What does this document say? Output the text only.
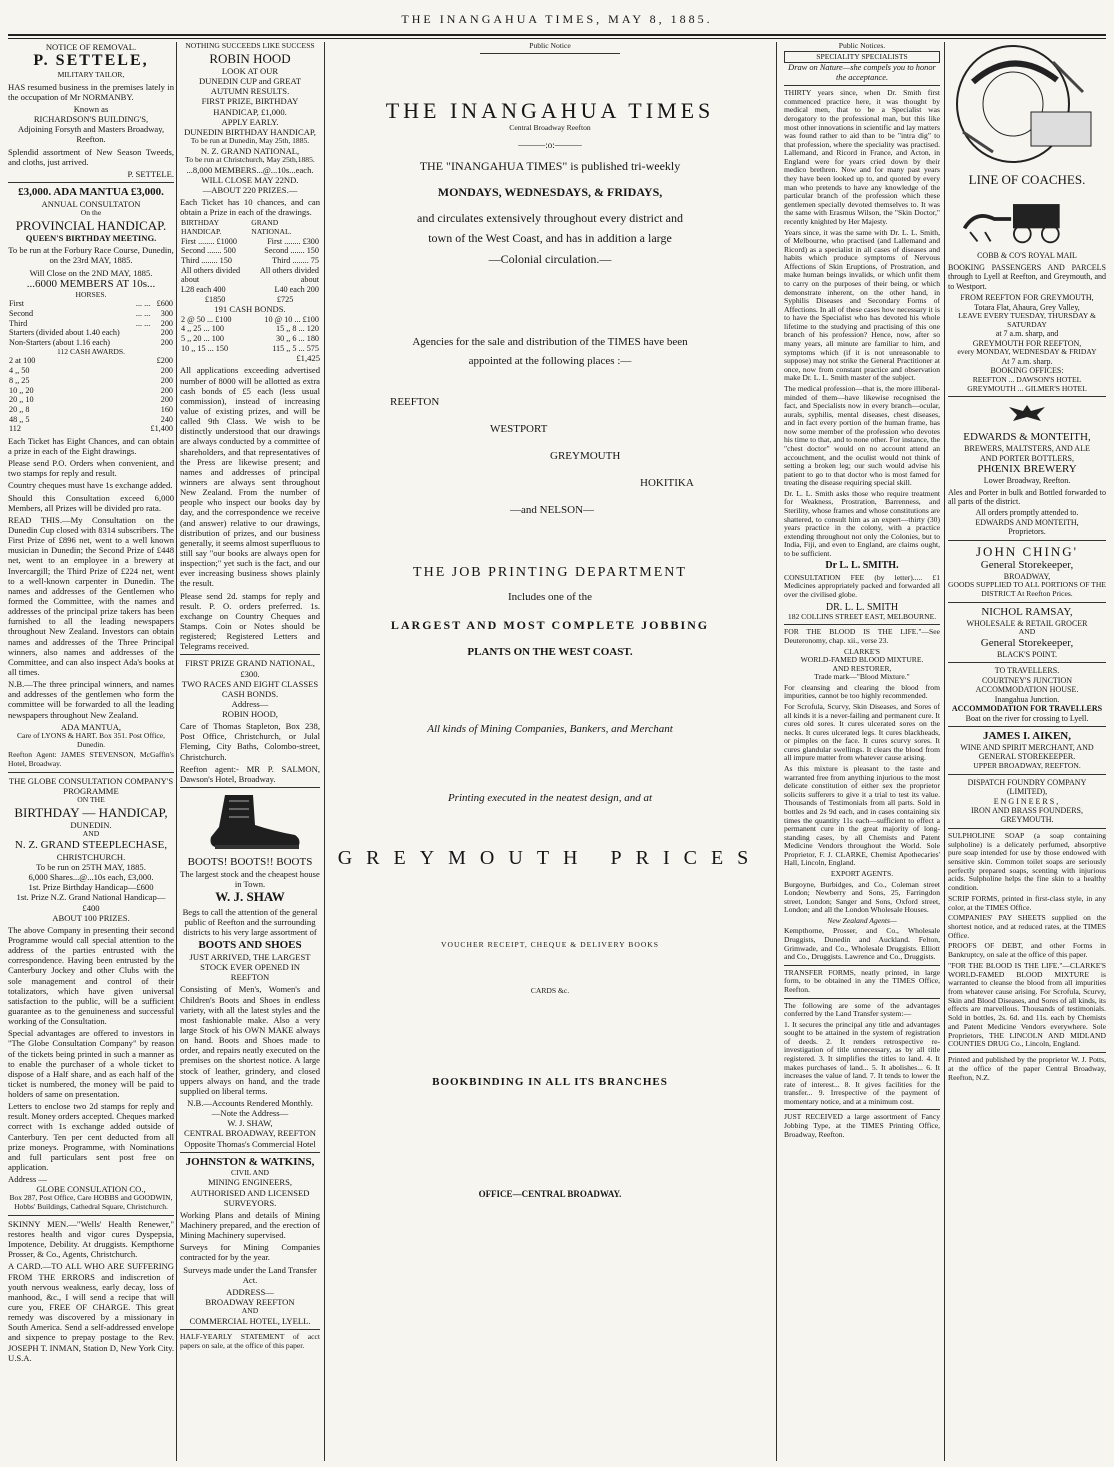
THE INANGAHUA TIMES, MAY 8, 1885.
NOTICE OF REMOVAL.
P. SETTELE,
MILITARY TAILOR,

HAS resumed business in the premises lately in the occupation of Mr NORMANBY.

Known as
RICHARDSON'S BUILDING'S,
Adjoining Forsyth and Masters Broadway, Reefton.

Splendid assortment of New Season Tweeds, and cloths, just arrived.

P. SETTELE.
£3,000. ADA MANTUA £3,000.
ANNUAL CONSULTATON
On the
PROVINCIAL HANDICAP.
QUEEN'S BIRTHDAY MEETING.

To be run at the Forbury Race Course, Dunedin, on the 23rd MAY, 1885.

Will Close on the 2ND MAY, 1885.
...6000 MEMBERS AT 10s...
HORSES.
First	... ...	£600
Second	... ...	300
Third	... ...	200
Starters (divided about 1.40 each)		200
Non-Starters (about 1.16 each)		200
112 CASH AWARDS.
2 at 100	£200
4 ,, 50	200
8 ,, 25	200
10 ,, 20	200
20 ,, 10	200
20 ,, 8	160
48 ,, 5	240
112	£1,400

Each Ticket has Eight Chances, and can obtain a prize in each of the Eight drawings.

Please send P.O. Orders when convenient, and two stamps for reply and result.

Country cheques must have 1s exchange added.

Should this Consultation exceed 6,000 Members, all Prizes will be divided pro rata.

READ THIS.—My Consultation on the Dunedin Cup closed with 8314 subscribers. The First Prize of £896 net, went to a well known musician in Dunedin; the Second Prize of £448 net, went to an employee in a brewery at Invercargill; the Third Prize of £224 net, went to a well-known carpenter in Dunedin. The names and addresses of the Gentlemen who formed the Committee, with the names and addresses of the principal prize takers has been furnished to all the leading newspapers throughout New Zealand. Investors can obtain names and addresses of the Three Principal winners, also names and addresses of the Committee, and can also inspect Ada's books at all times.

N.B.—The three principal winners, and names and addresses of the gentlemen who form the committee will be forwarded to all the leading newspapers throughout New Zealand.

ADA MANTUA,
Care of LYONS & HART. Box 351. Post Office, Dunedin.

Reefton Agent: JAMES STEVENSON, McGaffin's Hotel, Broadway.

THE GLOBE CONSULTATION COMPANY'S PROGRAMME
ON THE
BIRTHDAY — HANDICAP,
DUNEDIN.
AND
N. Z. GRAND STEEPLECHASE,
CHRISTCHURCH.
To be run on 25TH MAY, 1885.
6,000 Shares...@...10s each, £3,000.
1st. Prize Birthday Handicap—£600
1st. Prize N.Z. Grand National Handicap—£400
ABOUT 100 PRIZES.

The above Company in presenting their second Programme would call special attention to the address of the parties entrusted with the correspondence. Having been entrusted by the Canterbury Jockey and other Clubs with the sole management and control of their totalizators, which have given universal satisfaction to the public, will be a sufficient guarantee as to the genuineness and successful working of the Consultation.

Special advantages are offered to investors in "The Globe Consultation Company" by reason of the tickets being printed in such a manner as to enable the purchaser of a whole ticket to dispose of a Half share, and as each half of the ticket is numbered, the money will be paid to holders of same on presentation.

Letters to enclose two 2d stamps for reply and result. Money orders accepted. Cheques marked correct with 1s exchange added outside of Canterbury. Ten per cent deducted from all prize moneys. Programme, with Nominations and full particulars sent post free on application.

Address —
GLOBE CONSULATION CO.,
Box 287, Post Office, Care HOBBS and GOODWIN, Hobbs' Buildings, Cathedral Square, Christchurch.

SKINNY MEN.—"Wells' Health Renewer," restores health and vigor cures Dyspepsia, Impotence, Debility. At druggists. Kempthorne Prosser, & Co., Agents, Christchurch.

A CARD.—TO ALL WHO ARE SUFFERING FROM THE ERRORS and indiscretion of youth nervous weakness, early decay, loss of manhood, &c., I will send a recipe that will cure you, FREE OF CHARGE. This great remedy was discovered by a missionary in South America. Send a self-addressed envelope and sixpence to prepay postage to the Rev. JOSEPH T. INMAN, Station D, New York City. U.S.A.

NOTHING SUCCEEDS LIKE SUCCESS
ROBIN HOOD
LOOK AT OUR
DUNEDIN CUP and GREAT AUTUMN RESULTS.
FIRST PRIZE, BIRTHDAY HANDICAP, £1,000.
APPLY EARLY.
DUNEDIN BIRTHDAY HANDICAP,
To be run at Dunedin, May 25th, 1885.
N. Z. GRAND NATIONAL,
To be run at Christchurch, May 25th,1885.
...8,000 MEMBERS...@...10s...each.
WILL CLOSE MAY 22ND.
—ABOUT 220 PRIZES.—

Each Ticket has 10 chances, and can obtain a Prize in each of the drawings.

BIRTHDAY HANDICAP.	GRAND NATIONAL.
First ........ £1000	First ........ £300
Second ....... 500	Second ....... 150
Third ........ 150	Third ........ 75
All others divided about	All others divided about
L28 each 400	L40 each 200
£1850	£725
191 CASH BONDS.
2 @ 50 ... £100	10 @ 10 ... £100
4 ,, 25 ... 100	15 ,, 8 ... 120
5 ,, 20 ... 100	30 ,, 6 ... 180
10 ,, 15 ... 150	115 ,, 5 ... 575
£1,425

All applications exceeding advertised number of 8000 will be allotted as extra cash bonds of £5 each (less usual commission), instead of increasing value of existing prizes, and will be called 9th Class. We wish to be distinctly understood that our drawings are always conducted by a committee of shareholders, and that representatives of the Press are likewise present; and names and addresses of principal winners are always sent throughout New Zealand. From the number of people who inspect our books day by day, and the correspondence we receive (and answer) relative to our drawings, distribution of prizes, and our business generally, it seems almost superfluous to still say "our books are always open for inspection;" yet such is the fact, and our ever increasing business shows plainly the result.

Please send 2d. stamps for reply and result. P. O. orders preferred. 1s. exchange on Country Cheques and Stamps. Coin or Notes should be registered; Registered Letters and Telegrams received.

FIRST PRIZE GRAND NATIONAL, £300.
TWO RACES AND EIGHT CLASSES CASH BONDS.
Address—
ROBIN HOOD,

Care of Thomas Stapleton, Box 238, Post Office, Christchurch, or Julal Fleming, City Baths, Colombo-street, Christchurch.

Reefton agent:- MR P. SALMON, Dawson's Hotel, Broadway.

BOOTS! BOOTS!! BOOTS
The largest stock and the cheapest house in Town.
W. J. SHAW

Begs to call the attention of the general public of Reefton and the surrounding districts to his very large assortment of

BOOTS AND SHOES
JUST ARRIVED, THE LARGEST STOCK EVER OPENED IN REEFTON

Consisting of Men's, Women's and Children's Boots and Shoes in endless variety, with all the latest styles and the most fashionable make. Also a very large Stock of his OWN MAKE always on hand. Boots and Shoes made to order, and repairs neatly executed on the premises on the shortest notice. A large stock of leather, grindery, and closed uppers always on hand, and the trade supplied on liberal terms.

N.B.—Accounts Rendered Monthly.
—Note the Address—
W. J. SHAW,
CENTRAL BROADWAY, REEFTON
Opposite Thomas's Commercial Hotel
JOHNSTON & WATKINS,
CIVIL AND
MINING ENGINEERS,
AUTHORISED AND LICENSED SURVEYORS.

Working Plans and details of Mining Machinery prepared, and the erection of Mining Machinery supervised.

Surveys for Mining Companies contracted for by the year.

Surveys made under the Land Transfer Act.

ADDRESS—
BROADWAY REEFTON
AND
COMMERCIAL HOTEL, LYELL.

HALF-YEARLY STATEMENT of acct papers on sale, at the office of this paper.

Public Notice
THE INANGAHUA TIMES
Central Broadway Reefton
———:o:———
THE "INANGAHUA TIMES" is published tri-weekly
MONDAYS, WEDNESDAYS, & FRIDAYS,
and circulates extensively throughout every district and
town of the West Coast, and has in addition a large
—Colonial circulation.—
Agencies for the sale and distribution of the TIMES have been
appointed at the following places :—
REEFTON
WESTPORT
GREYMOUTH
HOKITIKA
—and NELSON—
THE JOB PRINTING DEPARTMENT
Includes one of the
LARGEST AND MOST COMPLETE JOBBING
PLANTS ON THE WEST COAST.
All kinds of Mining Companies, Bankers, and Merchant
Printing executed in the neatest design, and at
GREYMOUTH PRICES
VOUCHER RECEIPT, CHEQUE & DELIVERY BOOKS
CARDS &c.
BOOKBINDING IN ALL ITS BRANCHES
OFFICE—CENTRAL BROADWAY.
Public Notices.
SPECIALITY SPECIALISTS
Draw on Nature—she compels you to honor the acceptance.

THIRTY years since, when Dr. Smith first commenced practice here, it was thought by medical men, that to be a Specialist was derogatory to the professional man, but this like most other innovations in scientific and lay matters was found rather to aid than to be "intra dig" to that profession, where the speciality was practised. Lallemand, and Ricord in France, and Acton, in England were for years cried down by their medico brethren. Now and for many past years they have been looked up to, and quoted by every man who pretends to have any knowledge of the particular branch of the profession which these gentlemen specially devoted themselves to. It was the same with Erasmus Wilson, the "Skin Doctor," recently knighted by Her Majesty.

Years since, it was the same with Dr. L. L. Smith, of Melbourne, who practised (and Lallemand and Ricord) as a specialist in all cases of diseases and habits which produce symptoms of Nervous Affections of Skin Eruptions, of Prostration, and make human beings invalids, or which unfit them to carry on the purposes of their being, or which demonstrate inherent, on the other hand, in Syphilis Diseases and Secondary Forms of Affections. In all of these cases how necessary it is to have the Specialist who has devoted his whole lifetime to the studying and practising of this one branch of his profession? Hence, now, after so many years, all minute are familiar to him, and symptoms which (if it is not unreasonable to suppose) may not strike the General Practitioner at once, now from constant practice and observation make Dr. L. L. Smith master of the subject.

The medical profession—that is, the more illiberal-minded of them—have likewise recognised the fact, and Specialists now in every branch—ocular, aurals, syphilis, mental diseases, chest diseases, and in fact every portion of the human frame, has now some member of the profession who devotes his time to that, and to none other. For instance, the "chest doctor" would on no account attend an accouchment, and the oculist would not think of setting a broken leg; our such would advise his patient to go to that doctor who is most famed for treating the disease requiring special skill.

Dr. L. L. Smith asks those who require treatment for Weakness, Prostration, Barrenness, and Sterility, whose frames and whose constitutions are shattered, to consult him as an expert—thirty (30) years practice in the colony, with a practice extending throughout not only the Colonies, but to India, Fiji, and even to England, are claims ought, to be sufficient.

Dr L. L. SMITH.

CONSULTATION FEE (by letter)..... £1 Medicines appropriately packed and forwarded all over the civilised globe.

DR. L. L. SMITH
182 COLLINS STREET EAST, MELBOURNE.

FOR THE BLOOD IS THE LIFE."—See Deuteronomy, chap. xii., verse 23.

CLARKE'S
WORLD-FAMED BLOOD MIXTURE.
AND RESTORER,
Trade mark—"Blood Mixture."

For cleansing and clearing the blood from impurities, cannot be too highly recommended.

For Scrofula, Scurvy, Skin Diseases, and Sores of all kinds it is a never-failing and permanent cure. It cures old sores. It cures ulcerated sores on the necks. It cures ulcerated legs. It cures blackheads, or pimples on the face. It cures scurvy sores. It cures glandular swellings. It clears the blood from all impure matter from whatever cause arising.

As this mixture is pleasant to the taste and warranted free from anything injurious to the most delicate constitution of either sex the proprietor solicits sufferers to give it a trial to test its value. Thousands of Testimonials from all parts. Sold in bottles and 2s 9d each, and in cases containing six times the quantity 11s each—sufficient to effect a permanent cure in the great majority of long-standing cases, by all Chemists and Patent Medicine Vendors throughout the World. Sole Proprietor, F. J. CLARKE, Chemist Apothecaries' Hall, Lincoln, England.

EXPORT AGENTS.

Burgoyne, Burbidges, and Co., Coleman street London; Newberry and Sons, 25, Farringdon street, London; Sanger and Sons, Oxford street, London; and all the London Wholesale Houses.

New Zealand Agents—

Kempthorne, Prosser, and Co., Wholesale Druggists, Dunedin and Auckland. Felton, Grimwade, and Co., Wholesale Druggists. Elliott and Co., Druggists. Lawrence and Co., Druggists.

TRANSFER FORMS, neatly printed, in large form, to be obtained in any the TIMES Office, Reefton.

The following are some of the advantages conferred by the Land Transfer system:—

1. It secures the principal any title and advantages sought to be attained in the system of registration of deeds. 2. It renders retrospective re-investigation of title unnecessary, as by all title registered. 3. It simplifies the titles to land. 4. It makes purchases of land... 5. It abolishes... 6. It increases the value of land. 7. It tends to lower the rate of interest... 8. It gives facilities for the transfer... 9. Irrespective of the payment of momentary notice, and at a minimum cost.

JUST RECEIVED a large assortment of Fancy Jobbing Type, at the TIMES Printing Office, Broadway, Reefton.

LINE OF COACHES.
COBB & CO'S ROYAL MAIL

BOOKING PASSENGERS AND PARCELS through to Lyell at Reefton, and Greymouth, and to Westport.

FROM REEFTON FOR GREYMOUTH,
Totara Flat, Ahaura, Grey Valley,
LEAVE EVERY TUESDAY, THURSDAY & SATURDAY
at 7 a.m. sharp, and
GREYMOUTH FOR REEFTON,
every MONDAY, WEDNESDAY & FRIDAY
At 7 a.m. sharp.
BOOKING OFFICES:
REEFTON ... DAWSON'S HOTEL
GREYMOUTH ... GILMER'S HOTEL
EDWARDS & MONTEITH,
BREWERS, MALTSTERS, AND ALE
AND PORTER BOTTLERS,
PHŒNIX BREWERY
Lower Broadway, Reefton.

Ales and Porter in bulk and Bottled forwarded to all parts of the district.

All orders promptly attended to.
EDWARDS AND MONTEITH,
Proprietors.
JOHN CHING'
General Storekeeper,
BROADWAY,
GOODS SUPPLIED TO ALL PORTIONS OF THE DISTRICT At Reefton Prices.
NICHOL RAMSAY,
WHOLESALE & RETAIL GROCER
AND
General Storekeeper,
BLACK'S POINT.
TO TRAVELLERS.
COURTNEY'S JUNCTION ACCOMMODATION HOUSE.
Inangahua Junction.
ACCOMMODATION FOR TRAVELLERS
Boat on the river for crossing to Lyell.
JAMES I. AIKEN,
WINE AND SPIRIT MERCHANT, AND GENERAL STOREKEEPER.
UPPER BROADWAY, REEFTON.
DISPATCH FOUNDRY COMPANY (LIMITED),
ENGINEERS,
IRON AND BRASS FOUNDERS,
GREYMOUTH.

SULPHOLINE SOAP (a soap containing sulpholine) is a delicately perfumed, absorptive pure soap intended for use by those endowed with sensitive skin. Common toilet soaps are seriously perfectly prepared soaps, scenting with injurious acids. Sulpholine helps the fine skin to a healthy condition.

SCRIP FORMS, printed in first-class style, in any color, at the TIMES Office.

COMPANIES' PAY SHEETS supplied on the shortest notice, and at reduced rates, at the TIMES Office.

PROOFS OF DEBT, and other Forms in Bankruptcy, on sale at the office of this paper.

"FOR THE BLOOD IS THE LIFE."—CLARKE'S WORLD-FAMED BLOOD MIXTURE is warranted to cleanse the blood from all impurities from whatever cause arising. For Scrofula, Scurvy, Skin and Blood Diseases, and Sores of all kinds, its effects are marvellous. Thousands of testimonials. Sold in bottles, 2s. 6d. and 11s. each by Chemists and Patent Medicine Vendors everywhere. Sole Proprietors, THE LINCOLN AND MIDLAND COUNTIES DRUG Co., Lincoln, England.

Printed and published by the proprietor W. J. Potts, at the office of the paper Central Broadway, Reefton, N.Z.
